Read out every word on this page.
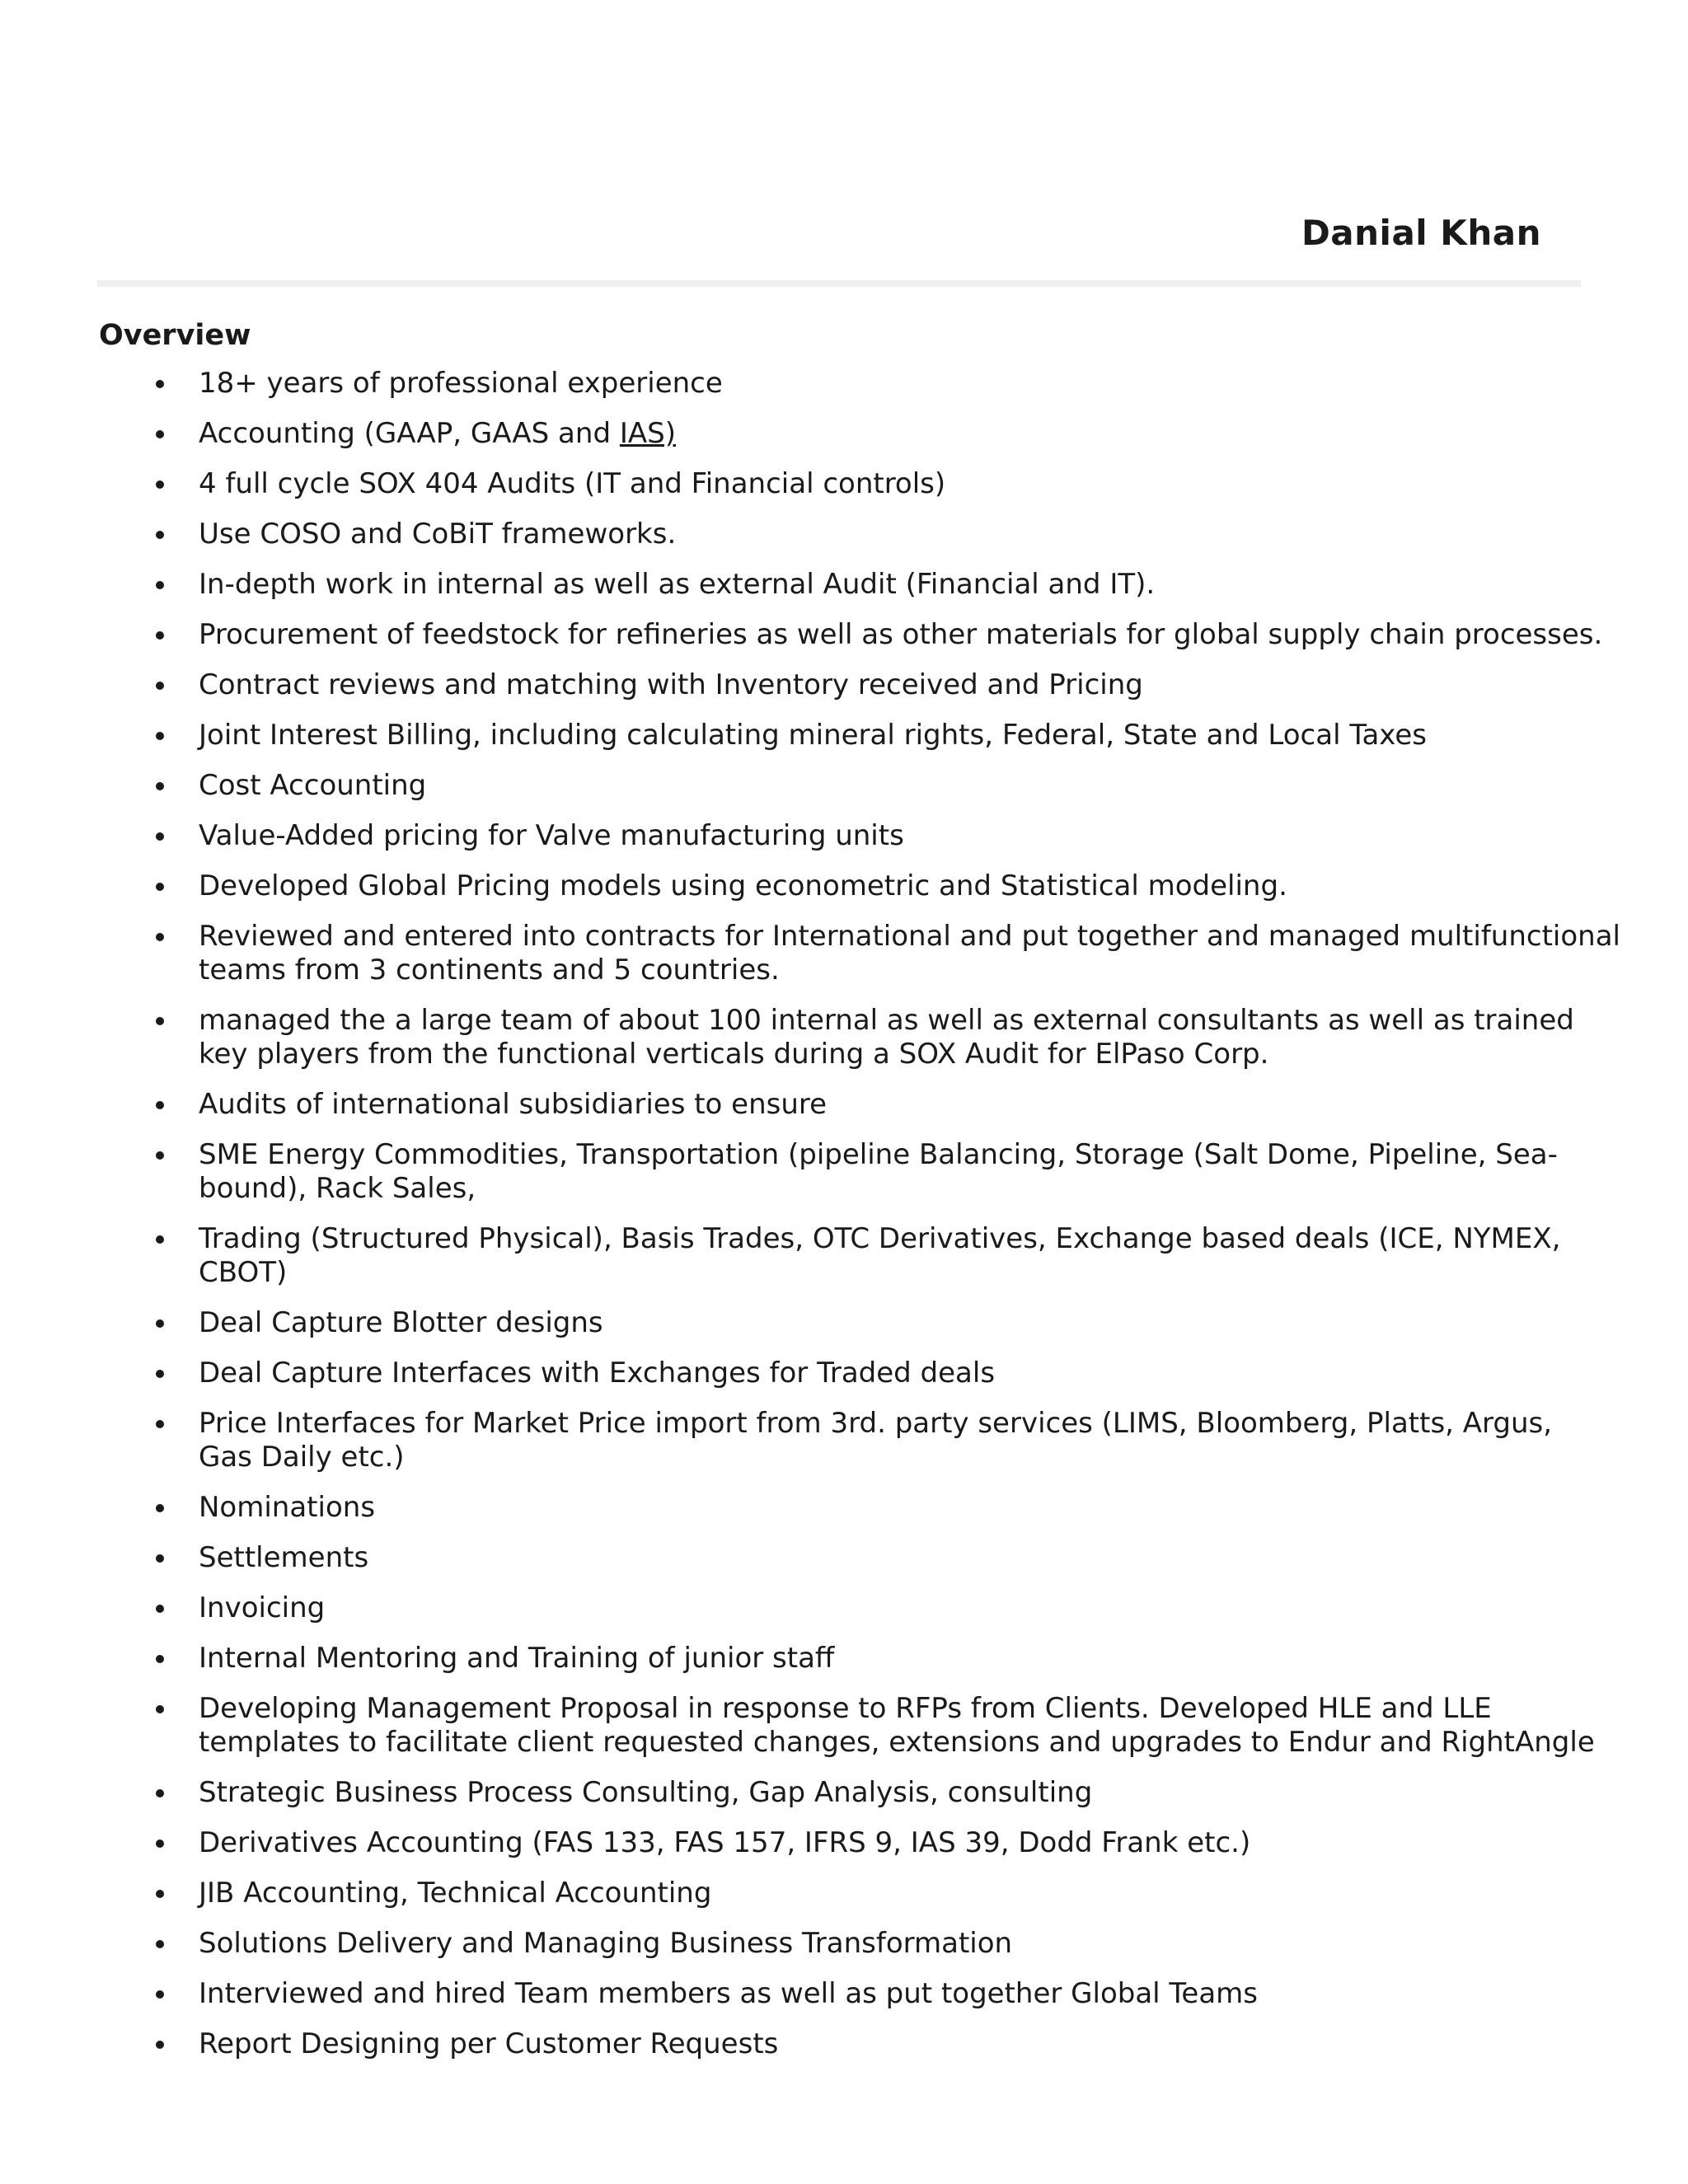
Danial Khan
Overview
18+ years of professional experience
Accounting (GAAP, GAAS and IAS)
4 full cycle SOX 404 Audits (IT and Financial controls)
Use COSO and CoBiT frameworks.
In-depth work in internal as well as external Audit (Financial and IT).
Procurement of feedstock for refineries as well as other materials for global supply chain processes.
Contract reviews and matching with Inventory received and Pricing
Joint Interest Billing, including calculating mineral rights, Federal, State and Local Taxes
Cost Accounting
Value-Added pricing for Valve manufacturing units
Developed Global Pricing models using econometric and Statistical modeling.
Reviewed and entered into contracts for International and put together and managed multifunctional
teams from 3 continents and 5 countries.
managed the a large team of about 100 internal as well as external consultants as well as trained
key players from the functional verticals during a SOX Audit for ElPaso Corp.
Audits of international subsidiaries to ensure
SME Energy Commodities, Transportation (pipeline Balancing, Storage (Salt Dome, Pipeline, Sea-
bound), Rack Sales,
Trading (Structured Physical), Basis Trades, OTC Derivatives, Exchange based deals (ICE, NYMEX,
CBOT)
Deal Capture Blotter designs
Deal Capture Interfaces with Exchanges for Traded deals
Price Interfaces for Market Price import from 3rd. party services (LIMS, Bloomberg, Platts, Argus,
Gas Daily etc.)
Nominations
Settlements
Invoicing
Internal Mentoring and Training of junior staff
Developing Management Proposal in response to RFPs from Clients. Developed HLE and LLE
templates to facilitate client requested changes, extensions and upgrades to Endur and RightAngle
Strategic Business Process Consulting, Gap Analysis, consulting
Derivatives Accounting (FAS 133, FAS 157, IFRS 9, IAS 39, Dodd Frank etc.)
JIB Accounting, Technical Accounting
Solutions Delivery and Managing Business Transformation
Interviewed and hired Team members as well as put together Global Teams
Report Designing per Customer Requests
